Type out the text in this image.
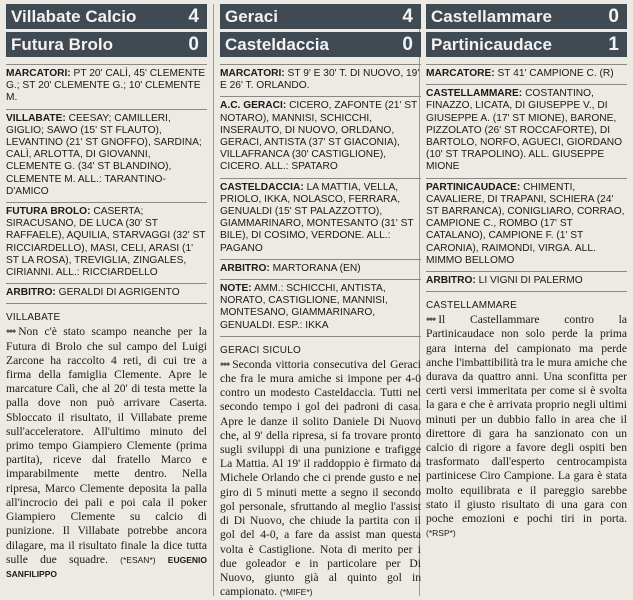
Villabate Calcio	4
Futura Brolo	0
MARCATORI: PT 20' CALÌ, 45' CLEMENTE G.; ST 20' CLEMENTE G.; 10' CLEMENTE M.
VILLABATE: CEESAY; CAMILLERI, GIGLIO; SAWO (15' ST FLAUTO), LEVANTINO (21' ST GNOFFO), SARDINA; CALÌ, ARLOTTA, DI GIOVANNI, CLEMENTE G. (34' ST BLANDINO), CLEMENTE M. ALL.: TARANTINO-D'AMICO
FUTURA BROLO: CASERTA; SIRACUSANO, DE LUCA (30' ST RAFFAELE), AQUILIA, STARVAGGI (32' ST RICCIARDELLO), MASI, CELI, ARASI (1' ST LA ROSA), TREVIGLIA, ZINGALES, CIRIANNI. ALL.: RICCIARDELLO
ARBITRO: GERALDI DI AGRIGENTO
VILLABATE
••• Non c'è stato scampo neanche per la Futura di Brolo che sul campo del Luigi Zarcone ha raccolto 4 reti, di cui tre a firma della famiglia Clemente. Apre le marcature Calì, che al 20' di testa mette la palla dove non può arrivare Caserta. Sbloccato il risultato, il Villabate preme sull'acceleratore. All'ultimo minuto del primo tempo Giampiero Clemente (prima partita), riceve dal fratello Marco e imparabilmente mette dentro. Nella ripresa, Marco Clemente deposita la palla all'incrocio dei pali e poi cala il poker Giampiero Clemente su calcio di punizione. Il Villabate potrebbe ancora dilagare, ma il risultato finale la dice tutta sulle due squadre. (*ESAN*) EUGENIO SANFILIPPO
Geraci	4
Casteldaccia	0
MARCATORI: ST 9' E 30' T. DI NUOVO, 19' E 26' T. ORLANDO.
A.C. GERACI: CICERO, ZAFONTE (21' ST NOTARO), MANNISI, SCHICCHI, INSERAUTO, DI NUOVO, ORLDANO, GERACI, ANTISTA (37' ST GIACONIA), VILLAFRANCA (30' CASTIGLIONE), CICERO. ALL.: SPATARO
CASTELDACCIA: LA MATTIA, VELLA, PRIOLO, IKKA, NOLASCO, FERRARA, GENUALDI (15' ST PALAZZOTTO), GIAMMARINARO, MONTESANTO (31' ST BILE), DI COSIMO, VERDONE. ALL.: PAGANO
ARBITRO: MARTORANA (EN)
NOTE: AMM.: SCHICCHI, ANTISTA, NORATO, CASTIGLIONE, MANNISI, MONTESANO, GIAMMARINARO, GENUALDI. ESP.: IKKA
GERACI SICULO
••• Seconda vittoria consecutiva del Geraci che fra le mura amiche si impone per 4-0 contro un modesto Casteldaccia. Tutti nel secondo tempo i gol dei padroni di casa. Apre le danze il solito Daniele Di Nuovo che, al 9' della ripresa, si fa trovare pronto sugli sviluppi di una punizione e trafigge La Mattia. Al 19' il raddoppio è firmato da Michele Orlando che ci prende gusto e nel giro di 5 minuti mette a segno il secondo gol personale, sfruttando al meglio l'assist di Di Nuovo, che chiude la partita con il gol del 4-0, a fare da assist man questa volta è Castiglione. Nota di merito per i due goleador e in particolare per Di Nuovo, giunto già al quinto gol in campionato. (*MIFE*)
Castellammare	0
Partinicaudace	1
MARCATORE: ST 41' CAMPIONE C. (R)
CASTELLAMMARE: COSTANTINO, FINAZZO, LICATA, DI GIUSEPPE V., DI GIUSEPPE A. (17' ST MIONE), BARONE, PIZZOLATO (26' ST ROCCAFORTE), DI BARTOLO, NORFO, AGUECI, GIORDANO (10' ST TRAPOLINO). ALL. GIUSEPPE MIONE
PARTINICAUDACE: CHIMENTI, CAVALIERE, DI TRAPANI, SCHIERA (24' ST BARRANCA), CONIGLIARO, CORRAO, CAMPIONE C., ROMBO (17' ST CATALANO), CAMPIONE F. (1' ST CARONIA), RAIMONDI, VIRGA. ALL. MIMMO BELLOMO
ARBITRO: LI VIGNI DI PALERMO
CASTELLAMMARE
••• Il Castellammare contro la Partinicaudace non solo perde la prima gara interna del campionato ma perde anche l'imbattibilità tra le mura amiche che durava da quattro anni. Una sconfitta per certi versi immeritata per come si è svolta la gara e che è arrivata proprio negli ultimi minuti per un dubbio fallo in area che il direttore di gara ha sanzionato con un calcio di rigore a favore degli ospiti ben trasformato dall'esperto centrocampista partinicese Ciro Campione. La gara è stata molto equilibrata e il pareggio sarebbe stato il giusto risultato di una gara con poche emozioni e pochi tiri in porta. (*RSP*)
